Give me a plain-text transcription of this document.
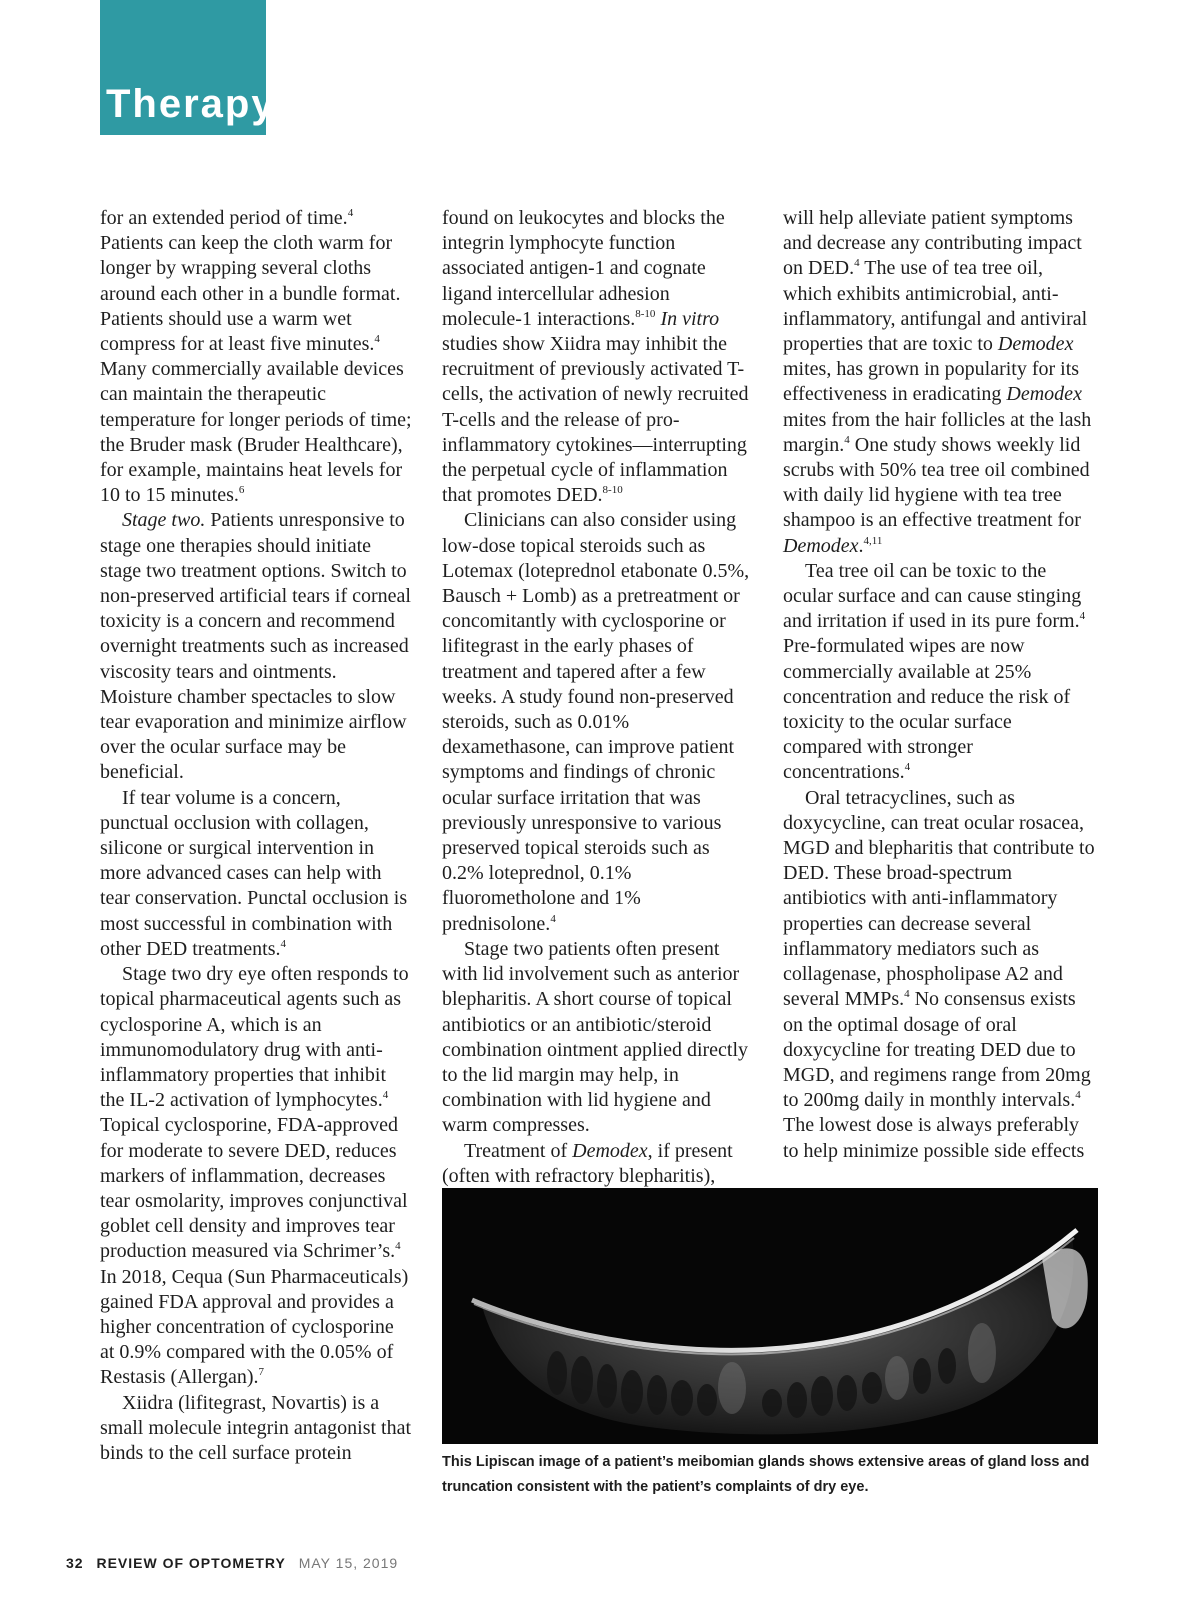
Therapy

for an extended period of time.$^4$ Patients can keep the cloth warm for longer by wrapping several cloths around each other in a bundle format. Patients should use a warm wet compress for at least five minutes.$^4$ Many commercially available devices can maintain the therapeutic temperature for longer periods of time; the Bruder mask (Bruder Healthcare), for example, maintains heat levels for 10 to 15 minutes.$^6$

Stage two. Patients unresponsive to stage one therapies should initiate stage two treatment options. Switch to non-preserved artificial tears if corneal toxicity is a concern and recommend overnight treatments such as increased viscosity tears and ointments. Moisture chamber spectacles to slow tear evaporation and minimize airflow over the ocular surface may be beneficial.

If tear volume is a concern, punctual occlusion with collagen, silicone or surgical intervention in more advanced cases can help with tear conservation. Punctal occlusion is most successful in combination with other DED treatments.$^4$

Stage two dry eye often responds to topical pharmaceutical agents such as cyclosporine A, which is an immunomodulatory drug with anti-inflammatory properties that inhibit the IL-2 activation of lymphocytes.$^4$ Topical cyclosporine, FDA-approved for moderate to severe DED, reduces markers of inflammation, decreases tear osmolarity, improves conjunctival goblet cell density and improves tear production measured via Schrimer’s.$^4$ In 2018, Cequa (Sun Pharmaceuticals) gained FDA approval and provides a higher concentration of cyclosporine at 0.9% compared with the 0.05% of Restasis (Allergan).$^7$

Xiidra (lifitegrast, Novartis) is a small molecule integrin antagonist that binds to the cell surface protein

found on leukocytes and blocks the integrin lymphocyte function associated antigen-1 and cognate ligand intercellular adhesion molecule-1 interactions.$^{8-10}$ In vitro studies show Xiidra may inhibit the recruitment of previously activated T-cells, the activation of newly recruited T-cells and the release of pro-inflammatory cytokines—interrupting the perpetual cycle of inflammation that promotes DED.$^{8-10}$

Clinicians can also consider using low-dose topical steroids such as Lotemax (loteprednol etabonate 0.5%, Bausch + Lomb) as a pretreatment or concomitantly with cyclosporine or lifitegrast in the early phases of treatment and tapered after a few weeks. A study found non-preserved steroids, such as 0.01% dexamethasone, can improve patient symptoms and findings of chronic ocular surface irritation that was previously unresponsive to various preserved topical steroids such as 0.2% loteprednol, 0.1% fluorometholone and 1% prednisolone.$^4$

Stage two patients often present with lid involvement such as anterior blepharitis. A short course of topical antibiotics or an antibiotic/steroid combination ointment applied directly to the lid margin may help, in combination with lid hygiene and warm compresses.

Treatment of Demodex, if present (often with refractory blepharitis),

will help alleviate patient symptoms and decrease any contributing impact on DED.$^4$ The use of tea tree oil, which exhibits antimicrobial, anti-inflammatory, antifungal and antiviral properties that are toxic to Demodex mites, has grown in popularity for its effectiveness in eradicating Demodex mites from the hair follicles at the lash margin.$^4$ One study shows weekly lid scrubs with 50% tea tree oil combined with daily lid hygiene with tea tree shampoo is an effective treatment for Demodex.$^{4,11}$

Tea tree oil can be toxic to the ocular surface and can cause stinging and irritation if used in its pure form.$^4$ Pre-formulated wipes are now commercially available at 25% concentration and reduce the risk of toxicity to the ocular surface compared with stronger concentrations.$^4$

Oral tetracyclines, such as doxycycline, can treat ocular rosacea, MGD and blepharitis that contribute to DED. These broad-spectrum antibiotics with anti-inflammatory properties can decrease several inflammatory mediators such as collagenase, phospholipase A2 and several MMPs.$^4$ No consensus exists on the optimal dosage of oral doxycycline for treating DED due to MGD, and regimens range from 20mg to 200mg daily in monthly intervals.$^4$ The lowest dose is always preferably to help minimize possible side effects

This Lipiscan image of a patient’s meibomian glands shows extensive areas of gland loss and truncation consistent with the patient’s complaints of dry eye.
32 REVIEW OF OPTOMETRY MAY 15, 2019
